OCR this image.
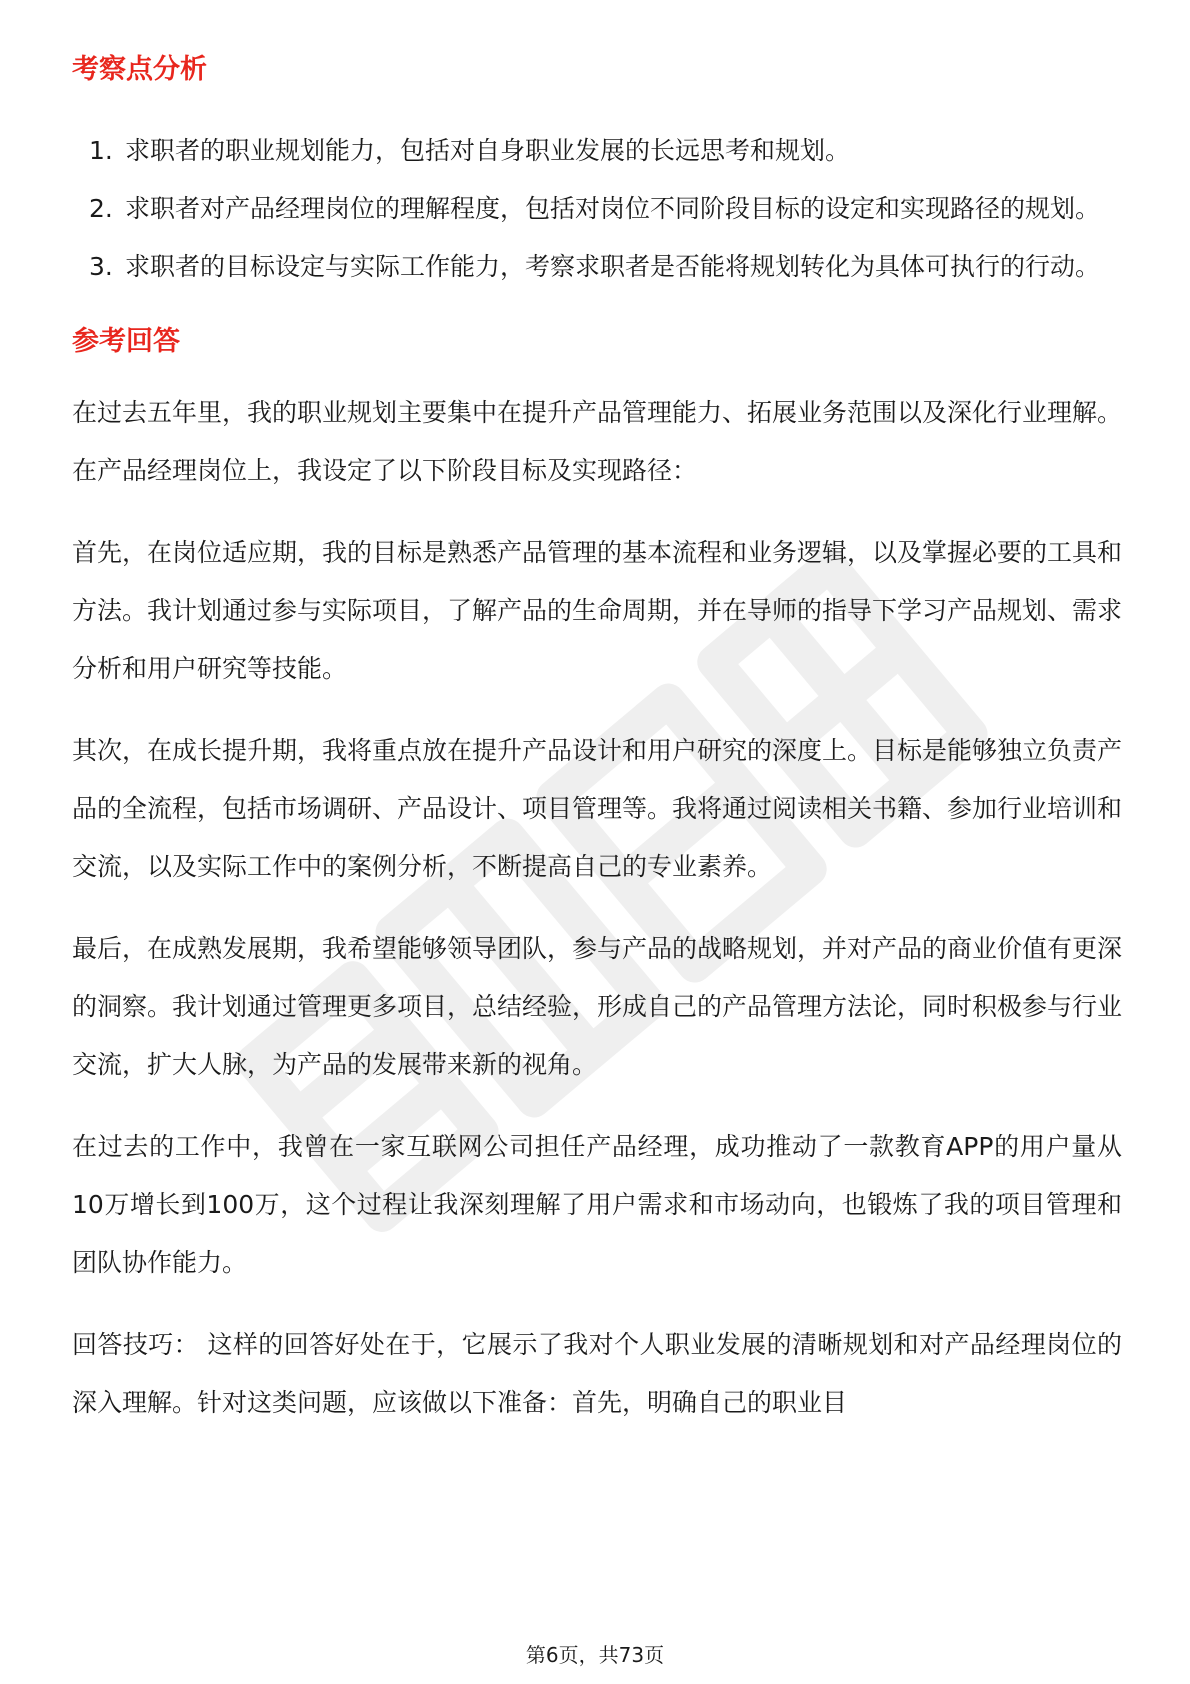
考察点分析
1. 求职者的职业规划能力，包括对自身职业发展的长远思考和规划。
2. 求职者对产品经理岗位的理解程度，包括对岗位不同阶段目标的设定和实现路径的规划。
3. 求职者的目标设定与实际工作能力，考察求职者是否能将规划转化为具体可执行的行动。
参考回答

在过去五年里，我的职业规划主要集中在提升产品管理能力、拓展业务范围以及深化行业理解。在产品经理岗位上，我设定了以下阶段目标及实现路径：

首先，在岗位适应期，我的目标是熟悉产品管理的基本流程和业务逻辑，以及掌握必要的工具和方法。我计划通过参与实际项目，了解产品的生命周期，并在导师的指导下学习产品规划、需求分析和用户研究等技能。

其次，在成长提升期，我将重点放在提升产品设计和用户研究的深度上。目标是能够独立负责产品的全流程，包括市场调研、产品设计、项目管理等。我将通过阅读相关书籍、参加行业培训和交流，以及实际工作中的案例分析，不断提高自己的专业素养。

最后，在成熟发展期，我希望能够领导团队，参与产品的战略规划，并对产品的商业价值有更深的洞察。我计划通过管理更多项目，总结经验，形成自己的产品管理方法论，同时积极参与行业交流，扩大人脉，为产品的发展带来新的视角。

在过去的工作中，我曾在一家互联网公司担任产品经理，成功推动了一款教育APP的用户量从10万增长到100万，这个过程让我深刻理解了用户需求和市场动向，也锻炼了我的项目管理和团队协作能力。

回答技巧： 这样的回答好处在于，它展示了我对个人职业发展的清晰规划和对产品经理岗位的深入理解。针对这类问题，应该做以下准备：首先，明确自己的职业目

第6页，共73页
